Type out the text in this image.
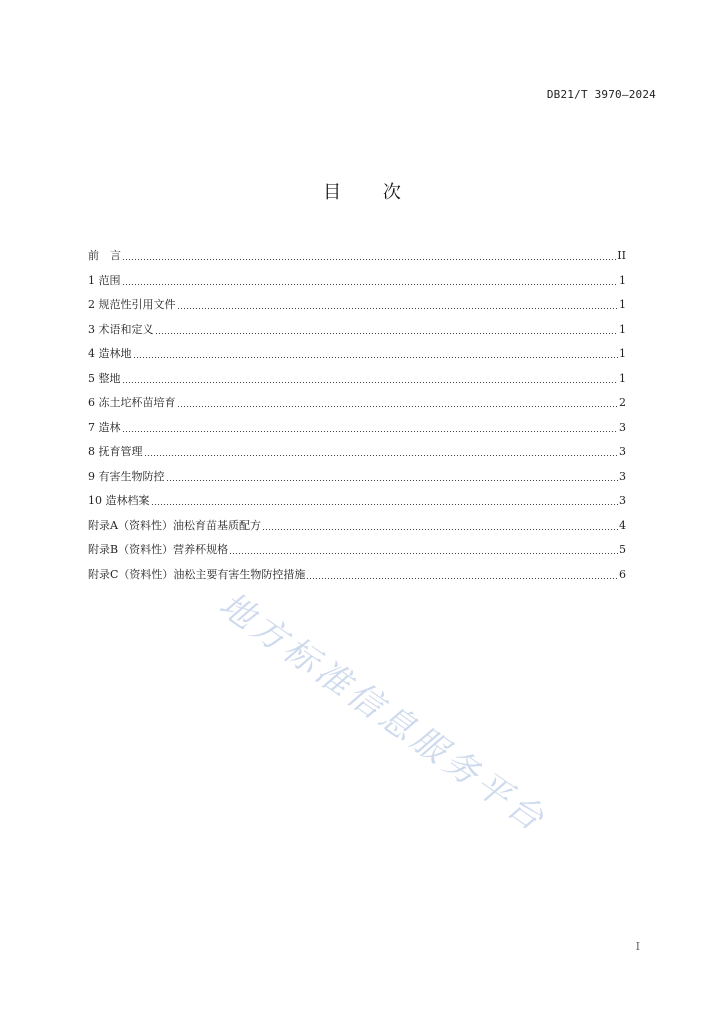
DB21/T 3970—2024
目 次
前　言	II
1 范围	1
2 规范性引用文件	1
3 术语和定义	1
4 造林地	1
5 整地	1
6 冻土坨杯苗培育	2
7 造林	3
8 抚育管理	3
9 有害生物防控	3
10 造林档案	3
附录A（资料性）油松育苗基质配方	4
附录B（资料性）营养杯规格	5
附录C（资料性）油松主要有害生物防控措施	6
地方标准信息服务平台
I
